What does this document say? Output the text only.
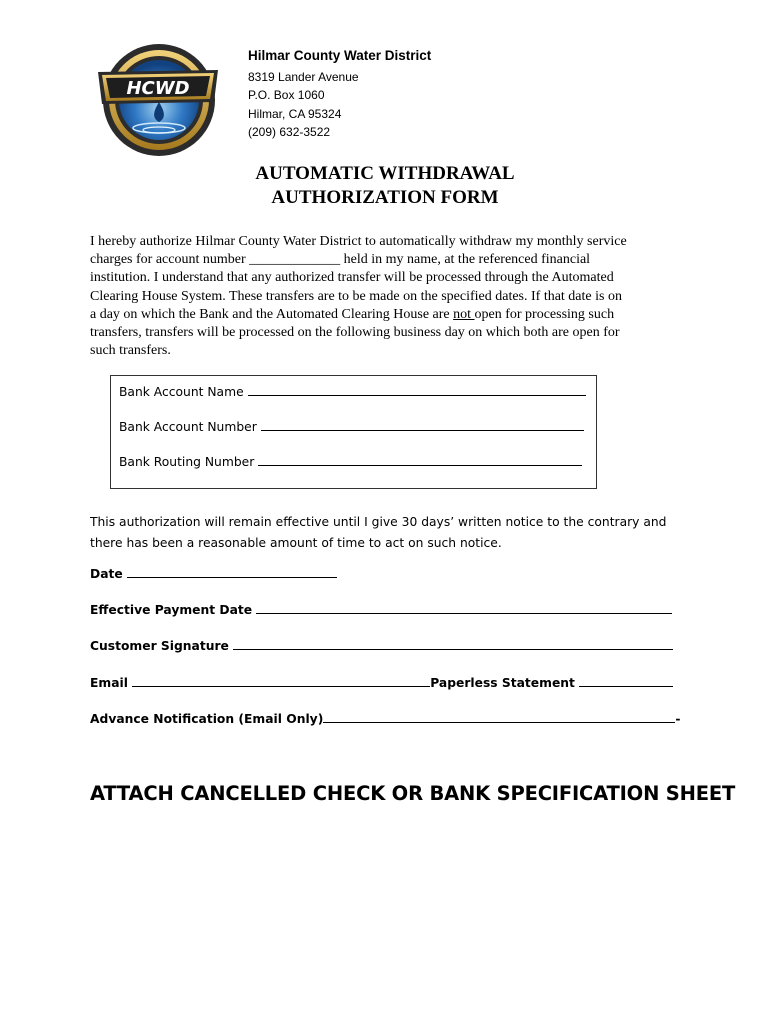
HCWD
Hilmar County Water District
8319 Lander Avenue
P.O. Box 1060
Hilmar, CA 95324
(209) 632-3522
AUTOMATIC WITHDRAWAL
AUTHORIZATION FORM
I hereby authorize Hilmar County Water District to automatically withdraw my monthly service
charges for account number _____________ held in my name, at the referenced financial
institution. I understand that any authorized transfer will be processed through the Automated
Clearing House System. These transfers are to be made on the specified dates. If that date is on
a day on which the Bank and the Automated Clearing House are not open for processing such
transfers, transfers will be processed on the following business day on which both are open for
such transfers.
Bank Account Name
Bank Account Number
Bank Routing Number
This authorization will remain effective until I give 30 days’ written notice to the contrary and
there has been a reasonable amount of time to act on such notice.
Date
Effective Payment Date
Customer Signature
Email	Paperless Statement
Advance Notification (Email Only)	-
ATTACH CANCELLED CHECK OR BANK SPECIFICATION SHEET
